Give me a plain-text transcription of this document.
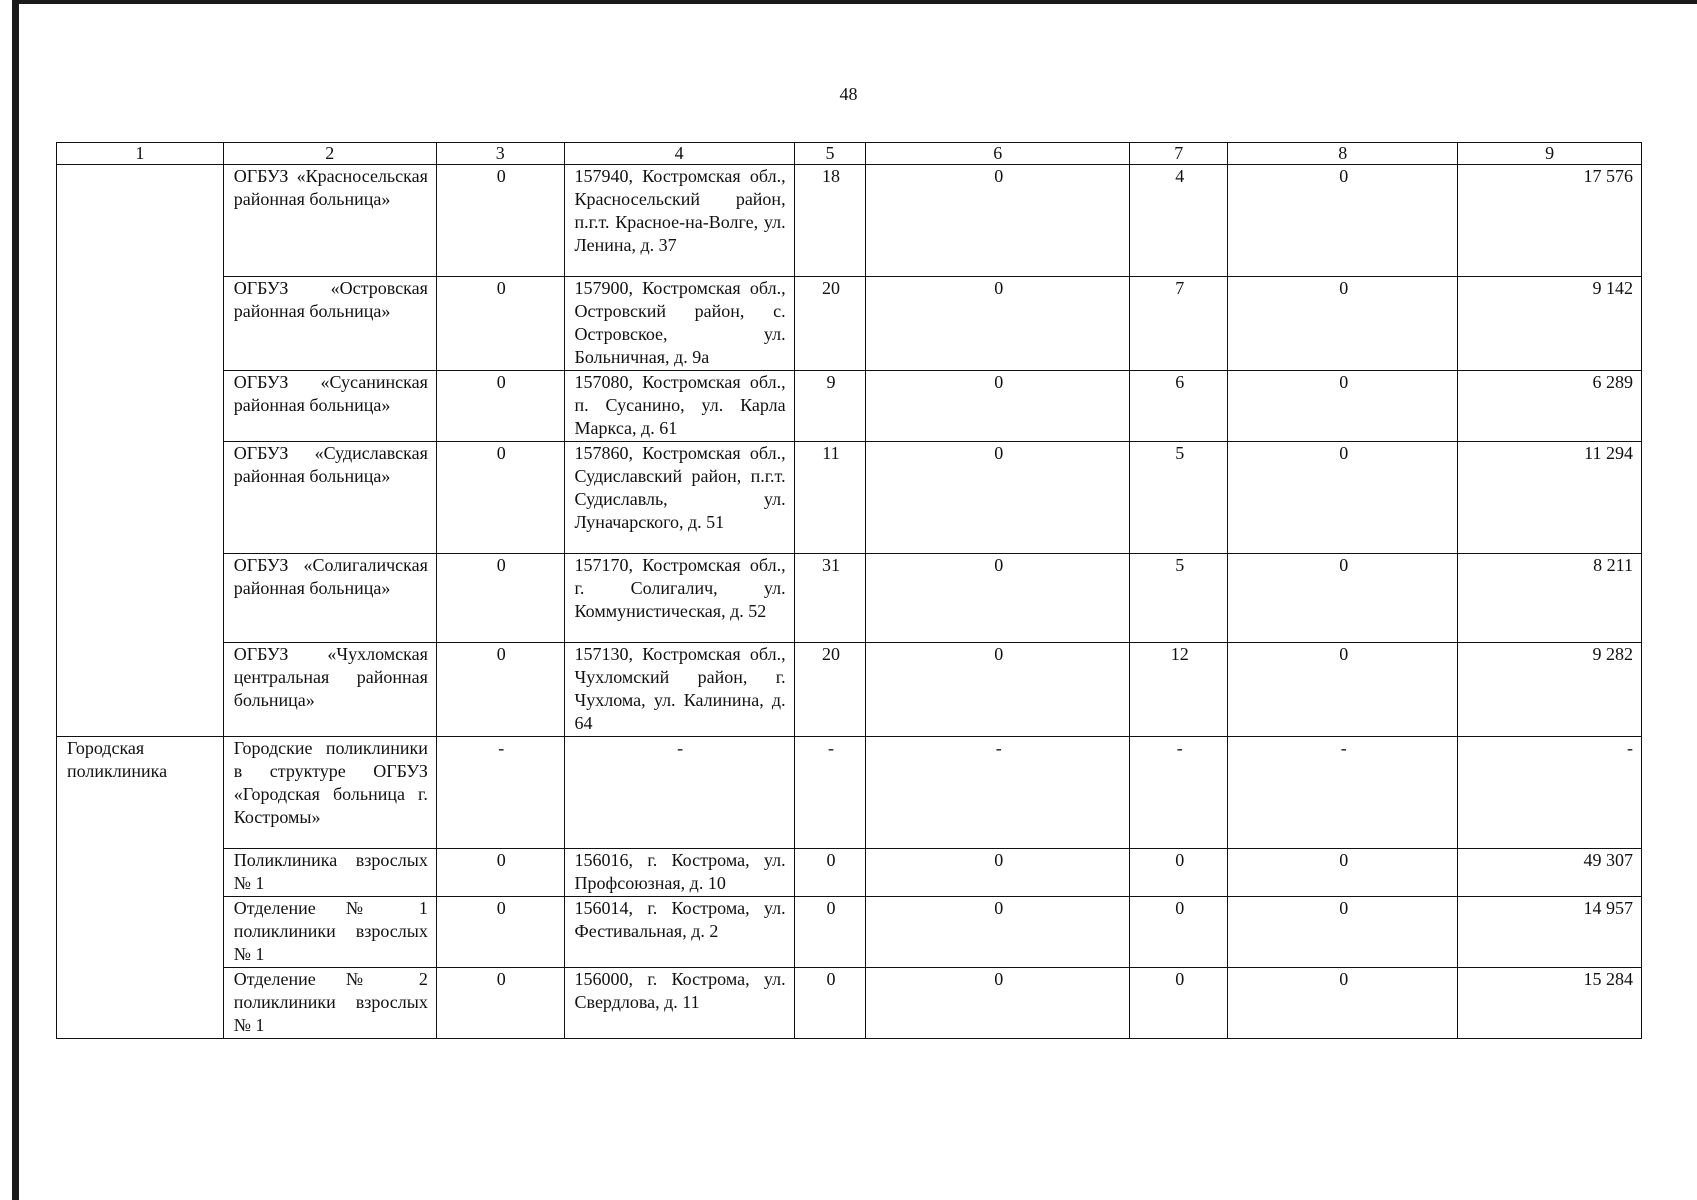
48
1	2	3	4	5	6	7	8	9
	ОГБУЗ «Красносельская районная больница»	0	157940, Костромская обл., Красносельский район, п.г.т. Красное-на-Волге, ул. Ленина, д. 37	18	0	4	0	17 576
	ОГБУЗ «Островская районная больница»	0	157900, Костромская обл., Островский район, с. Островское, ул. Больничная, д. 9а	20	0	7	0	9 142
	ОГБУЗ «Сусанинская районная больница»	0	157080, Костромская обл., п. Сусанино, ул. Карла Маркса, д. 61	9	0	6	0	6 289
	ОГБУЗ «Судиславская районная больница»	0	157860, Костромская обл., Судиславский район, п.г.т. Судиславль, ул. Луначарского, д. 51	11	0	5	0	11 294
	ОГБУЗ «Солигаличская районная больница»	0	157170, Костромская обл., г. Солигалич, ул. Коммунистическая, д. 52	31	0	5	0	8 211
	ОГБУЗ «Чухломская центральная районная больница»	0	157130, Костромская обл., Чухломский район, г. Чухлома, ул. Калинина, д. 64	20	0	12	0	9 282
Городская поликлиника	Городские поликлиники в структуре ОГБУЗ «Городская больница г. Костромы»	-	-	-	-	-	-	-
	Поликлиника взрослых № 1	0	156016, г. Кострома, ул. Профсоюзная, д. 10	0	0	0	0	49 307
	Отделение № 1 поликлиники взрослых № 1	0	156014, г. Кострома, ул. Фестивальная, д. 2	0	0	0	0	14 957
	Отделение № 2 поликлиники взрослых № 1	0	156000, г. Кострома, ул. Свердлова, д. 11	0	0	0	0	15 284
